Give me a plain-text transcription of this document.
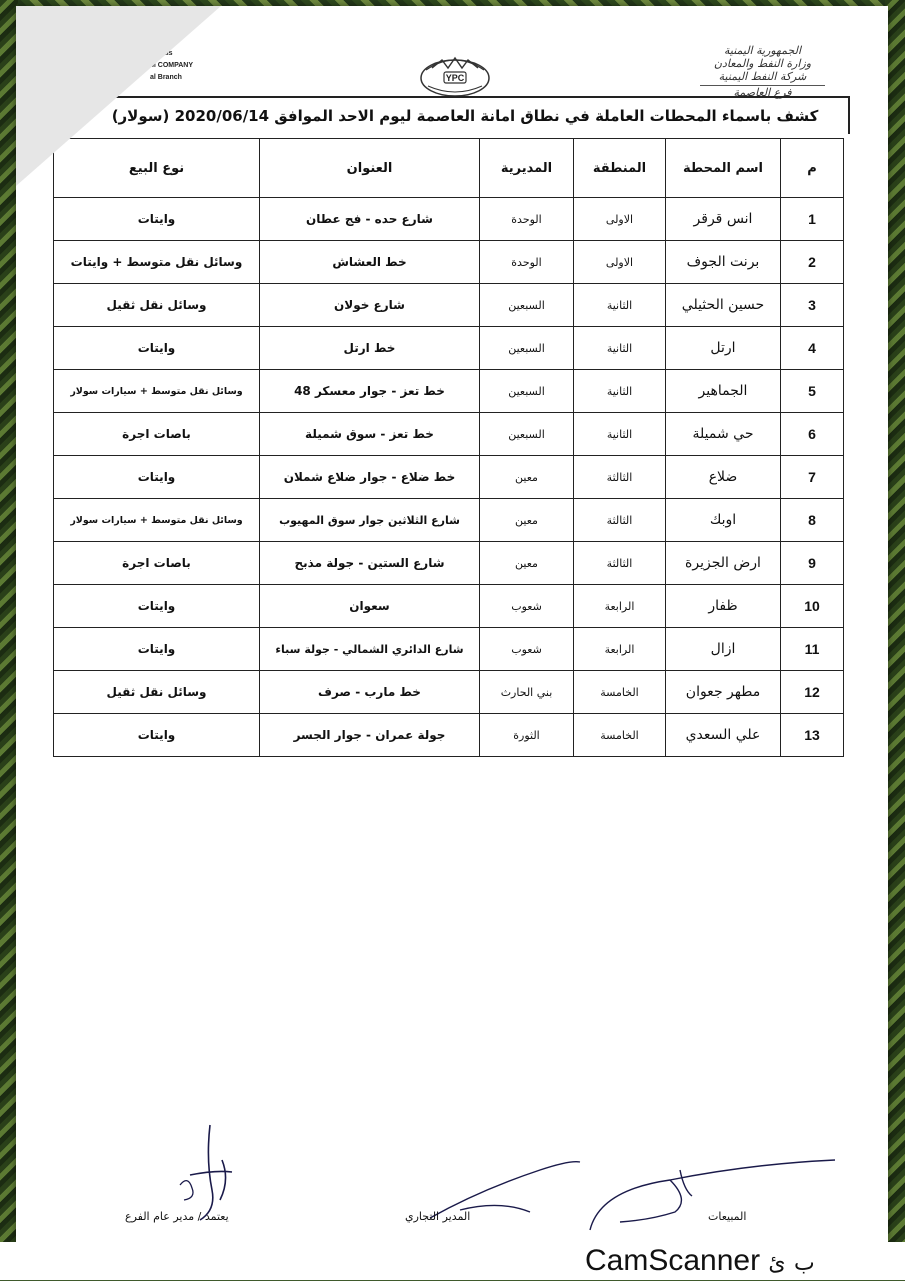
MEN
inerals
M COMPANY
al Branch
الجمهورية اليمنية
وزارة النفط والمعادن
شركة النفط اليمنية
فرع العاصمة
YPC
كشف باسماء المحطات العاملة في نطاق امانة العاصمة ليوم الاحد الموافق 2020/06/14 (سولار)
م	اسم المحطة	المنطقة	المديرية	العنوان	نوع البيع
1	انس قرقر	الاولى	الوحدة	شارع حده - فج عطان	وايتات
2	برنت الجوف	الاولى	الوحدة	خط العشاش	وسائل نقل متوسط + وايتات
3	حسين الحثيلي	الثانية	السبعين	شارع خولان	وسائل نقل ثقيل
4	ارتل	الثانية	السبعين	خط ارتل	وايتات
5	الجماهير	الثانية	السبعين	خط تعز - جوار معسكر 48	وسائل نقل متوسط + سيارات سولار
6	حي شميلة	الثانية	السبعين	خط تعز - سوق شميلة	باصات اجرة
7	ضلاع	الثالثة	معين	خط ضلاع - جوار ضلاع شملان	وايتات
8	اوبك	الثالثة	معين	شارع الثلاثين جوار سوق المهيوب	وسائل نقل متوسط + سيارات سولار
9	ارض الجزيرة	الثالثة	معين	شارع الستين - جولة مذبح	باصات اجرة
10	ظفار	الرابعة	شعوب	سعوان	وايتات
11	ازال	الرابعة	شعوب	شارع الدائري الشمالي - جولة سباء	وايتات
12	مطهر جعوان	الخامسة	بني الحارث	خط مارب - صرف	وسائل نقل ثقيل
13	علي السعدي	الخامسة	الثورة	جولة عمران - جوار الجسر	وايتات
يعتمد / مدير عام الفرع	المدير التجاري	المبيعات
CamScanner ب ئ
